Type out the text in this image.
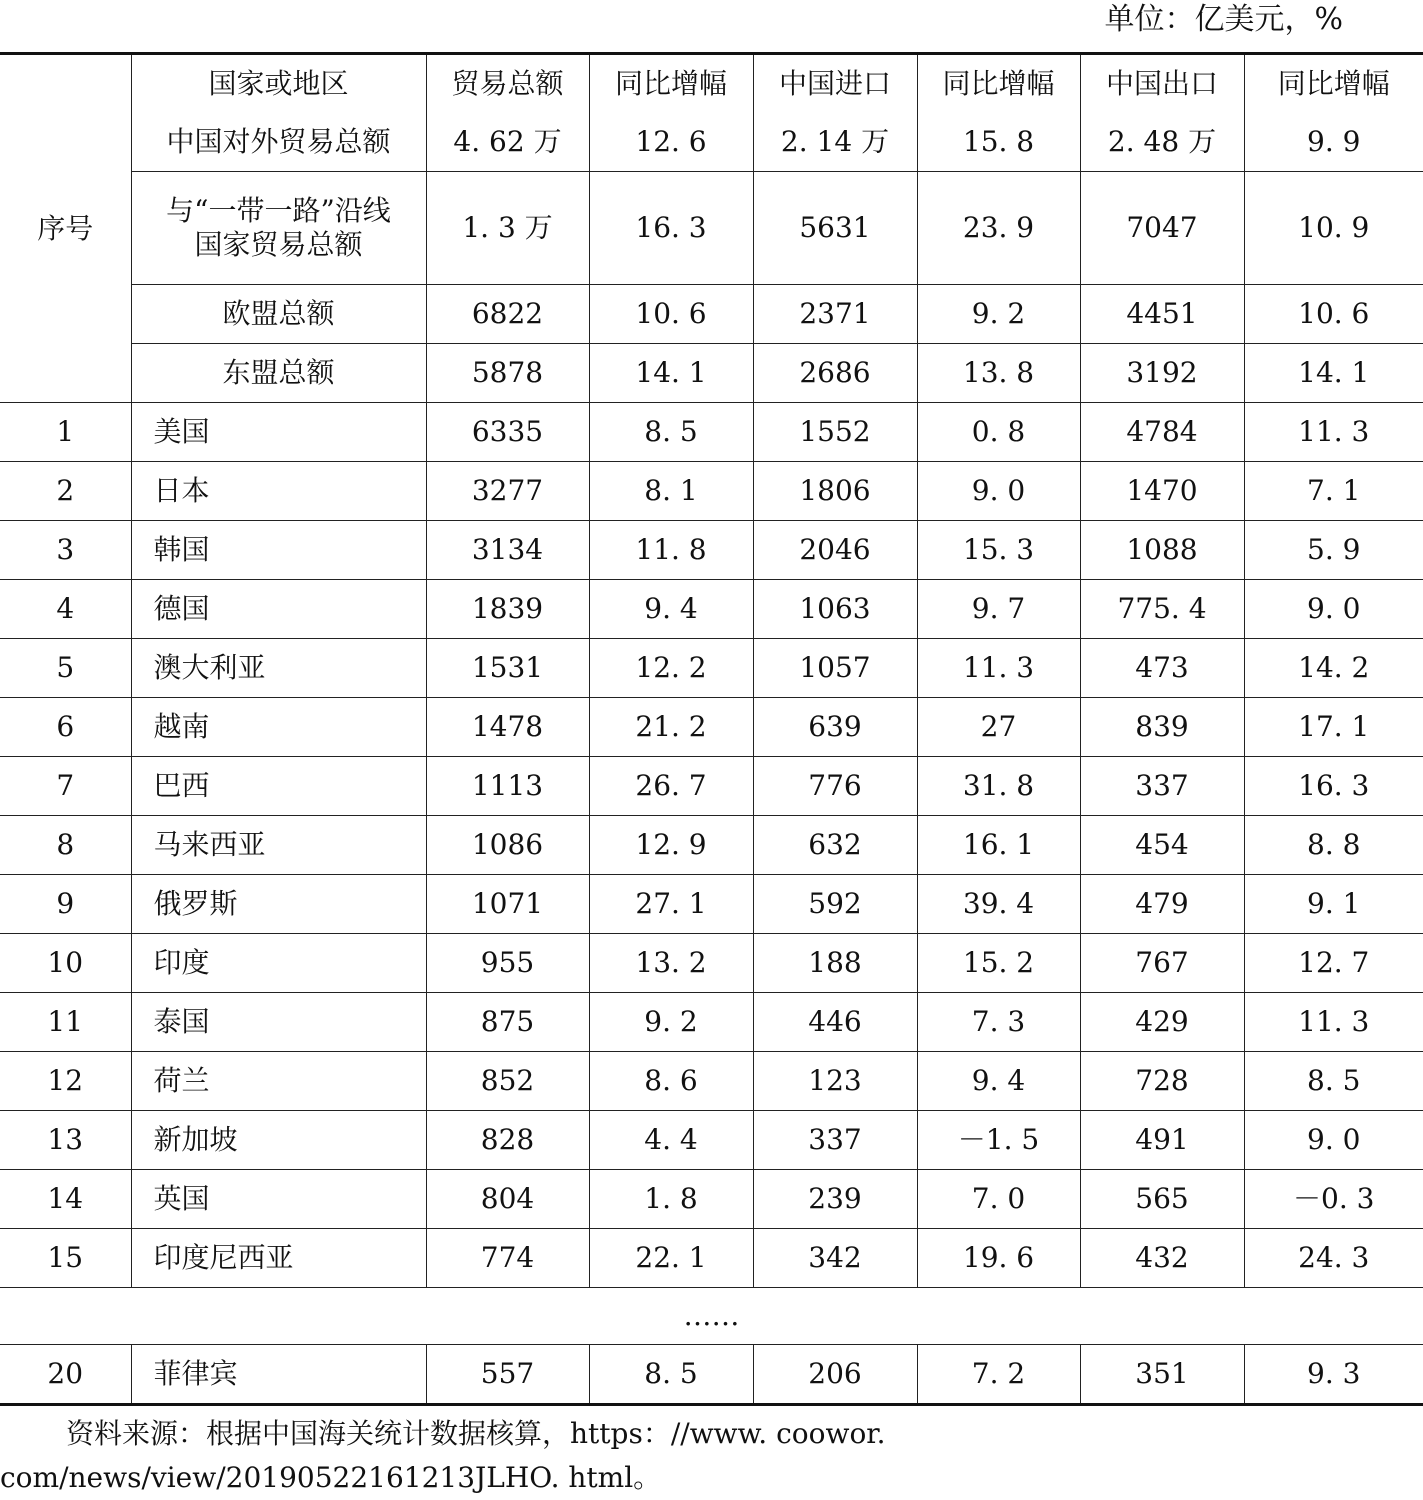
单位：亿美元，%
序号	国家或地区	贸易总额	同比增幅	中国进口	同比增幅	中国出口	同比增幅
	中国对外贸易总额	4. 62 万	12. 6	2. 14 万	15. 8	2. 48 万	9. 9
	与“一带一路”沿线国家贸易总额	1. 3 万	16. 3	5631	23. 9	7047	10. 9
	欧盟总额	6822	10. 6	2371	9. 2	4451	10. 6
	东盟总额	5878	14. 1	2686	13. 8	3192	14. 1
1	美国	6335	8. 5	1552	0. 8	4784	11. 3
2	日本	3277	8. 1	1806	9. 0	1470	7. 1
3	韩国	3134	11. 8	2046	15. 3	1088	5. 9
4	德国	1839	9. 4	1063	9. 7	775. 4	9. 0
5	澳大利亚	1531	12. 2	1057	11. 3	473	14. 2
6	越南	1478	21. 2	639	27	839	17. 1
7	巴西	1113	26. 7	776	31. 8	337	16. 3
8	马来西亚	1086	12. 9	632	16. 1	454	8. 8
9	俄罗斯	1071	27. 1	592	39. 4	479	9. 1
10	印度	955	13. 2	188	15. 2	767	12. 7
11	泰国	875	9. 2	446	7. 3	429	11. 3
12	荷兰	852	8. 6	123	9. 4	728	8. 5
13	新加坡	828	4. 4	337	－1. 5	491	9. 0
14	英国	804	1. 8	239	7. 0	565	－0. 3
15	印度尼西亚	774	22. 1	342	19. 6	432	24. 3
……							
20	菲律宾	557	8. 5	206	7. 2	351	9. 3
资料来源：根据中国海关统计数据核算，https：//www. coowor. com/news/view/20190522161213JLHO. html。
